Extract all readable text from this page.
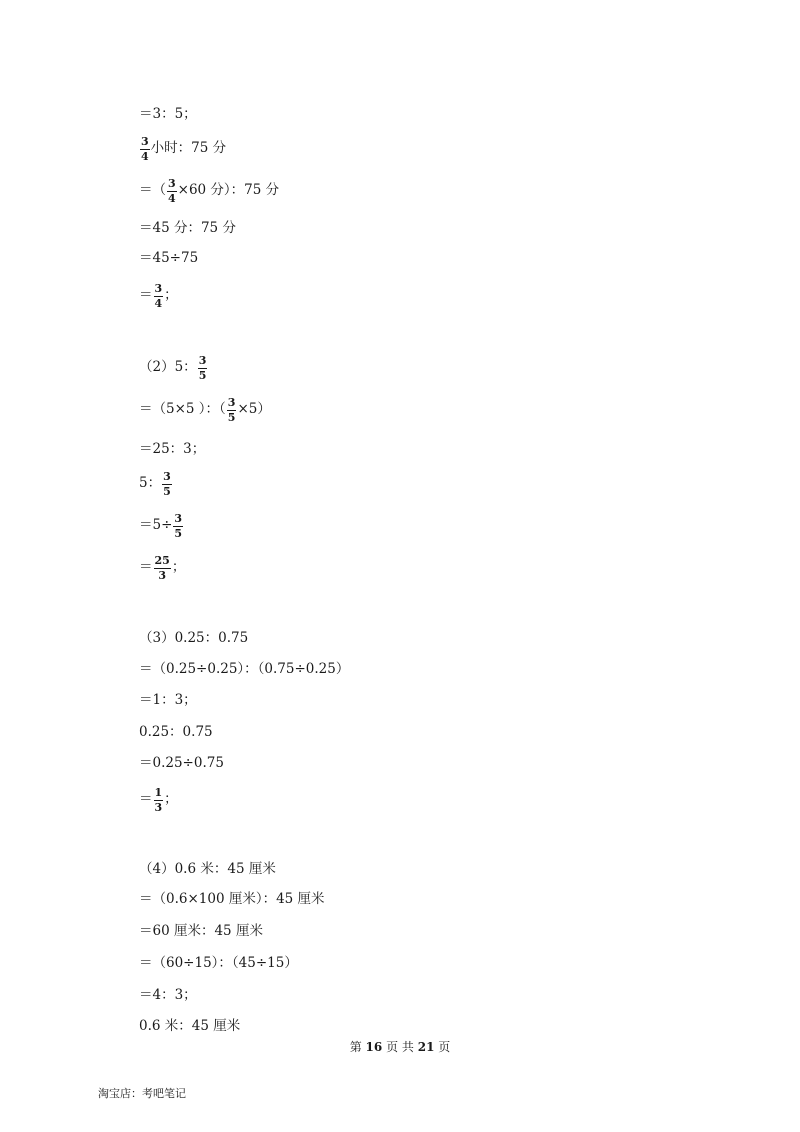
＝3：5；
$\frac{3}{4}$ 小时：75 分
＝（ $\frac{3}{4} \times 60$ 分）：75 分
＝45 分：75 分
＝45÷75
＝ $\frac{3}{4}$ ；
（2）5： $\frac{3}{5}$
＝（5×5 ）：（ $\frac{3}{5} \times 5$）
＝25：3；
5： $\frac{3}{5}$
$=5\div \frac{3}{5}$
＝ $\frac{25}{3}$ ；
（3）0.25：0.75
＝（0.25÷0.25）：（0.75÷0.25）
＝1：3；
0.25：0.75
＝0.25÷0.75
＝ $\frac{1}{3}$ ；
（4）0.6 米：45 厘米
＝（0.6×100 厘米）：45 厘米
＝60 厘米：45 厘米
＝（60÷15）：（45÷15）
＝4：3；
0.6 米：45 厘米
第 16 页 共 21 页
淘宝店：考吧笔记
